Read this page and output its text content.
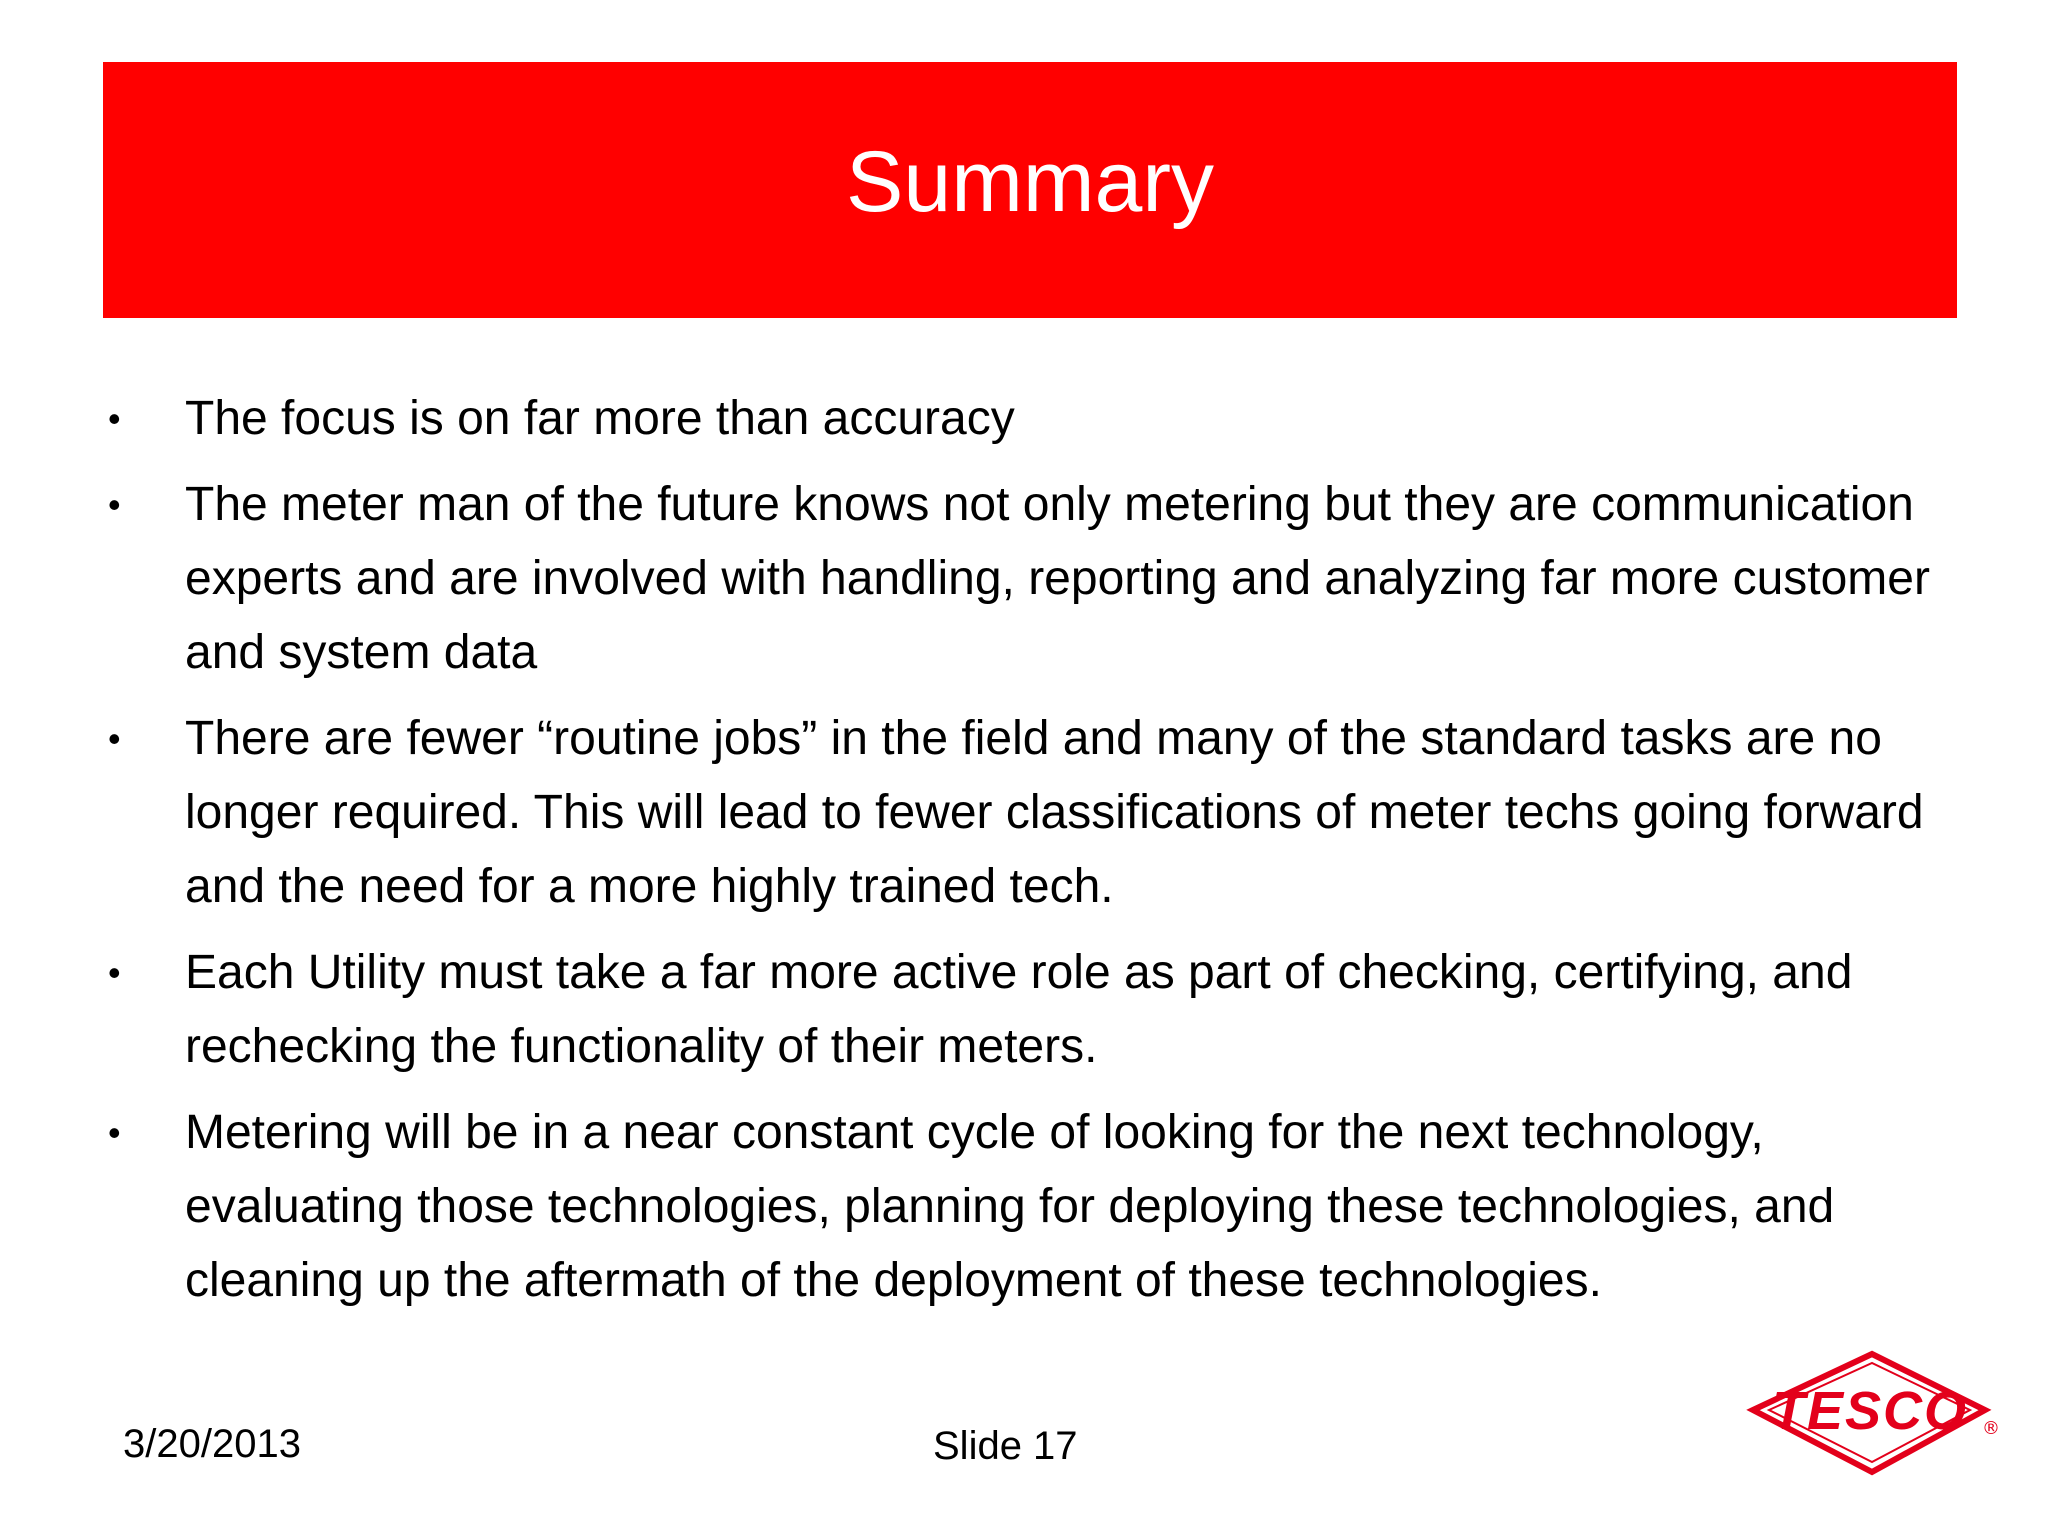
Summary
• The focus is on far more than accuracy
• The meter man of the future knows not only metering but they are communication experts and are involved with handling, reporting and analyzing far more customer and system data
• There are fewer “routine jobs” in the field and many of the standard tasks are no longer required. This will lead to fewer classifications of meter techs going forward and the need for a more highly trained tech.
• Each Utility must take a far more active role as part of checking, certifying, and rechecking the functionality of their meters.
• Metering will be in a near constant cycle of looking for the next technology, evaluating those technologies, planning for deploying these technologies, and cleaning up the aftermath of the deployment of these technologies.
3/20/2013	Slide 17
TESCO ®
